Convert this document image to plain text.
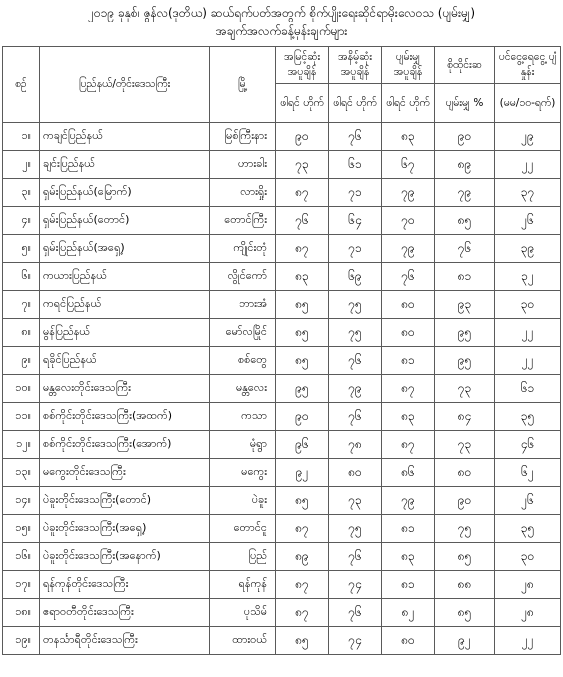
၂၀၁၉ ခုနှစ်၊ ဇွန်လ(ဒုတိယ) ဆယ်ရက်ပတ်အတွက် စိုက်ပျိုးရေးဆိုင်ရာမိုးလေဝသ (ပျမ်းမျှ)
အချက်အလက်ခန့်မှန်းချက်များ
စဉ်	ပြည်နယ်/တိုင်းဒေသကြီး	မြို့	အမြင့်ဆုံး အပူချိန်	အနိမ့်ဆုံး အပူချိန်	ပျမ်းမျှ အပူချိန်	စိုထိုင်းဆ	ပင်ငွေ့ရေငွေ့ ပျံနှုန်း
			ဖါရင် ဟိုက်	ဖါရင် ဟိုက်	ဖါရင် ဟိုက်	ပျမ်းမျှ %	(မမ/၁၀-ရက်)
၁။	ကချင်ပြည်နယ်	မြစ်ကြီးနား	၉၀	၇၆	၈၃	၉၀	၂၉
၂။	ချင်းပြည်နယ်	ဟားခါး	၇၃	၆၁	၆၇	၈၉	၂၂
၃။	ရှမ်းပြည်နယ်(မြောက်)	လားရှိုး	၈၇	၇၁	၇၉	၇၉	၃၇
၄။	ရှမ်းပြည်နယ်(တောင်)	တောင်ကြီး	၇၆	၆၄	၇၀	၈၅	၂၆
၅။	ရှမ်းပြည်နယ်(အရှေ့)	ကျိုင်းတုံ	၈၇	၇၁	၇၉	၇၆	၃၉
၆။	ကယားပြည်နယ်	လွိုင်ကော်	၈၃	၆၉	၇၆	၈၁	၃၂
၇။	ကရင်ပြည်နယ်	ဘားအံ	၈၅	၇၅	၈၀	၉၃	၃၀
၈။	မွန်ပြည်နယ်	မော်လမြိုင်	၈၅	၇၅	၈၀	၉၅	၂၂
၉။	ရခိုင်ပြည်နယ်	စစ်တွေ	၈၅	၇၆	၈၁	၉၅	၂၂
၁၀။	မန္တလေးတိုင်းဒေသကြီး	မန္တလေး	၉၅	၇၉	၈၇	၇၃	၆၁
၁၁။	စစ်ကိုင်းတိုင်းဒေသကြီး(အထက်)	ကသာ	၉၀	၇၆	၈၃	၈၄	၃၅
၁၂။	စစ်ကိုင်းတိုင်းဒေသကြီး(အောက်)	မုံရွာ	၉၆	၇၈	၈၇	၇၃	၄၆
၁၃။	မကွေးတိုင်းဒေသကြီး	မကွေး	၉၂	၈၀	၈၆	၈၀	၆၂
၁၄။	ပဲခူးတိုင်းဒေသကြီး(တောင်)	ပဲခူး	၈၅	၇၃	၇၉	၉၀	၂၆
၁၅။	ပဲခူးတိုင်းဒေသကြီး(အရှေ့)	တောင်ငူ	၈၇	၇၅	၈၁	၇၅	၃၅
၁၆။	ပဲခူးတိုင်းဒေသကြီး(အနောက်)	ပြည်	၈၉	၇၆	၈၃	၈၅	၃၀
၁၇။	ရန်ကုန်တိုင်းဒေသကြီး	ရန်ကုန်	၈၇	၇၄	၈၁	၈၈	၂၈
၁၈။	ဧရာဝတီတိုင်းဒေသကြီး	ပုသိမ်	၈၇	၇၆	၈၂	၈၅	၂၈
၁၉။	တနင်္သာရီတိုင်းဒေသကြီး	ထားဝယ်	၈၅	၇၄	၈၀	၉၂	၂၂
